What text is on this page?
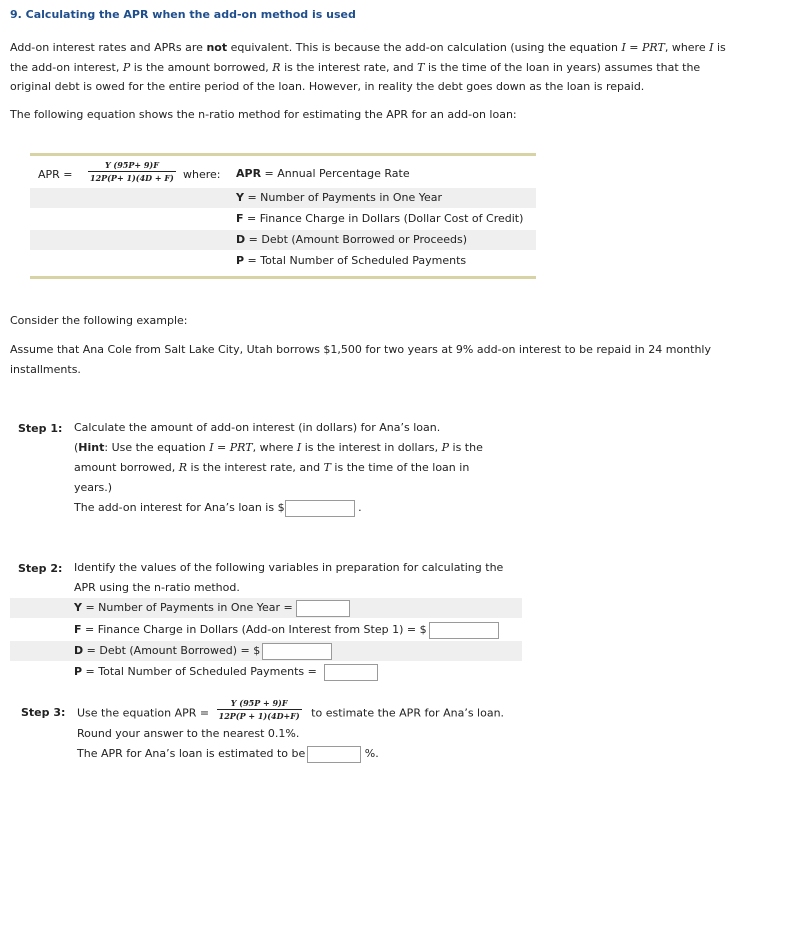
9. Calculating the APR when the add-on method is used
Add-on interest rates and APRs are not equivalent. This is because the add-on calculation (using the equation I = PRT, where I is
the add-on interest, P is the amount borrowed, R is the interest rate, and T is the time of the loan in years) assumes that the
original debt is owed for the entire period of the loan. However, in reality the debt goes down as the loan is repaid.
The following equation shows the n-ratio method for estimating the APR for an add-on loan:
APR = $\frac{Y (95P+ 9)F}{12P(P+ 1)(4D + F)}$ where: APR = Annual Percentage Rate
Y = Number of Payments in One Year
F = Finance Charge in Dollars (Dollar Cost of Credit)
D = Debt (Amount Borrowed or Proceeds)
P = Total Number of Scheduled Payments
Consider the following example:
Assume that Ana Cole from Salt Lake City, Utah borrows $1,500 for two years at 9% add-on interest to be repaid in 24 monthly
installments.
Step 1: Calculate the amount of add-on interest (in dollars) for Ana’s loan.
(Hint: Use the equation I = PRT, where I is the interest in dollars, P is the
amount borrowed, R is the interest rate, and T is the time of the loan in
years.)
The add-on interest for Ana’s loan is $	.
Step 2: Identify the values of the following variables in preparation for calculating the
APR using the n-ratio method.
Y = Number of Payments in One Year =
F = Finance Charge in Dollars (Add-on Interest from Step 1) = $
D = Debt (Amount Borrowed) = $
P = Total Number of Scheduled Payments =
Step 3: Use the equation APR = $\frac{Y (95P + 9)F}{12P(P + 1)(4D+F)}$ to estimate the APR for Ana’s loan.
Round your answer to the nearest 0.1%.
The APR for Ana’s loan is estimated to be	%.
